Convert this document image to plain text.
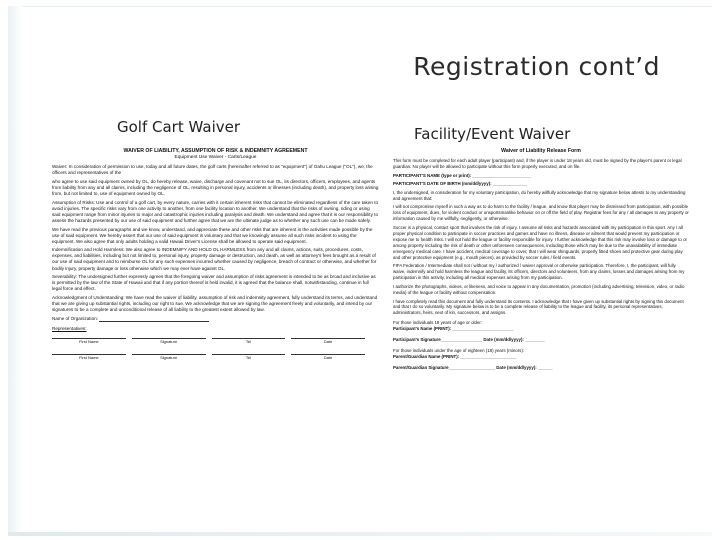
Registration cont’d
Golf Cart Waiver	Facility/Event Waiver
WAIVER OF LIABILITY, ASSUMPTION OF RISK & INDEMNITY AGREEMENT
Equipment Use Waiver - Carts/League

Waiver: In consideration of permission to use, today and all future dates, the golf carts (hereinafter referred to as "equipment") of Oahu League ("OL"), we, the officers and representatives of the

who agree to use said equipment owned by OL, do hereby release, waive, discharge and covenant not to sue OL, its directors, officers, employees, and agents from liability from any and all claims, including the negligence of OL, resulting in personal injury, accidents or illnesses (including death), and property loss arising from, but not limited to, use of equipment owned by OL.

Assumption of Risks: Use and control of a golf cart, by every nature, carries with it certain inherent risks that cannot be eliminated regardless of the care taken to avoid injuries. The specific risks vary from one activity to another, from one facility location to another. We understand that the risks of owning, riding or using said equipment range from minor injuries to major and catastrophic injuries including paralysis and death. We understand and agree that it is our responsibility to assess the hazards presented by our use of said equipment and further agree that we are the ultimate judge as to whether any such use can be made safely.

We have read the previous paragraphs and we know, understand, and appreciate these and other risks that are inherent in the activities made possible by the use of said equipment. We hereby assert that our use of said equipment is voluntary and that we knowingly assume all such risks incident to using the equipment. We also agree that only adults holding a valid Hawaii Driver's License shall be allowed to operate said equipment.

Indemnification and Hold Harmless: We also agree to INDEMNIFY AND HOLD OL HARMLESS from any and all claims, actions, suits, procedures, costs, expenses, and liabilities, including but not limited to, personal injury, property damage or destruction, and death, as well as attorney's fees brought as a result of our use of said equipment and to reimburse OL for any such expenses incurred whether caused by negligence, breach of contract or otherwise, and whether for bodily injury, property damage or loss otherwise which we may ever have against OL.

Severability: The undersigned further expressly agrees that the foregoing waiver and assumption of risks agreement is intended to be as broad and inclusive as is permitted by the law of the State of Hawaii and that if any portion thereof is held invalid, it is agreed that the balance shall, notwithstanding, continue in full legal force and effect.

Acknowledgment of Understanding: We have read the waiver of liability, assumption of risk and indemnity agreement, fully understand its terms, and understand that we are giving up substantial rights, including our right to sue. We acknowledge that we are signing the agreement freely and voluntarily, and intend by our signatures to be a complete and unconditional release of all liability to the greatest extent allowed by law.

Name of Organization:
Representatives:
First Name	Signature	Tel	Date
First Name	Signature	Tel	Date
Waiver of Liability Release Form

This form must be completed for each adult player (participant) and, if the player is under 18 years old, must be signed by the player's parent or legal guardian. No player will be allowed to participate without this form properly executed, and on file.

PARTICIPANT'S NAME (type or print): ________________________

PARTICIPANT'S DATE OF BIRTH (mm/dd/yyyy): ______________

I, the undersigned, in consideration for my voluntary participation, do hereby willfully acknowledge that my signature below attests to my understanding and agreement that:

I will not compromise myself in such a way as to do harm to the facility / league, and know that player may be dismissed from participation, with possible loss of equipment, dues, for violent conduct or unsportsmanlike behavior on or off the field of play. Registrar fees for any / all damages to any property or information caused by me willfully, negligently, or otherwise.

Soccer is a physical, contact sport that involves the risk of injury. I assume all risks and hazards associated with my participation in this sport. Any / all proper physical condition to participate in soccer practices and games and have no illness, disease or ailment that would prevent my participation or expose me to health risks. I will not hold the league or facility responsible for injury. I further acknowledge that this risk may involve loss or damage to or among property including the risk of death or other unforeseen consequences, including those which may be due to the unavailability of immediate emergency medical care. I have accident, medical coverage to cover, that I will wear shinguards, properly fitted shoes and protective gear during play and other protective equipment (e.g., mouth pieces), as provided by soccer rules / field events.

FIFA Federation / Intermediate shall not / without my / authorized / waiver approval or otherwise participation. Therefore, I, the participant, will fully waive, indemnify and hold harmless the league and facility, its officers, directors and volunteers, from any claims, losses and damages arising from my participation in this activity, including all medical expenses arising from my participation.

I authorize the photographs, videos, or likeness, and voice to appear in any documentation, promotion (including advertising, television, video, or radio media) of the league or facility without compensation.

I have completely read this document and fully understand its contents. I acknowledge that I have given up substantial rights by signing this document and that I do so voluntarily. My signature below is to be a complete release of liability to the league and facility, its personal representatives, administrators, heirs, next of kin, successors, and assigns.

For those individuals 18 years of age or older:
Participant's Name (PRINT): _________________________
Participant's Signature_________________ Date (mm/dd/yyyy): ________
For those individuals under the age of eighteen (18) years (minors):
Parent/Guardian Name (PRINT): _______________________
Parent/Guardian Signature___________________ Date (mm/dd/yyyy): ______
